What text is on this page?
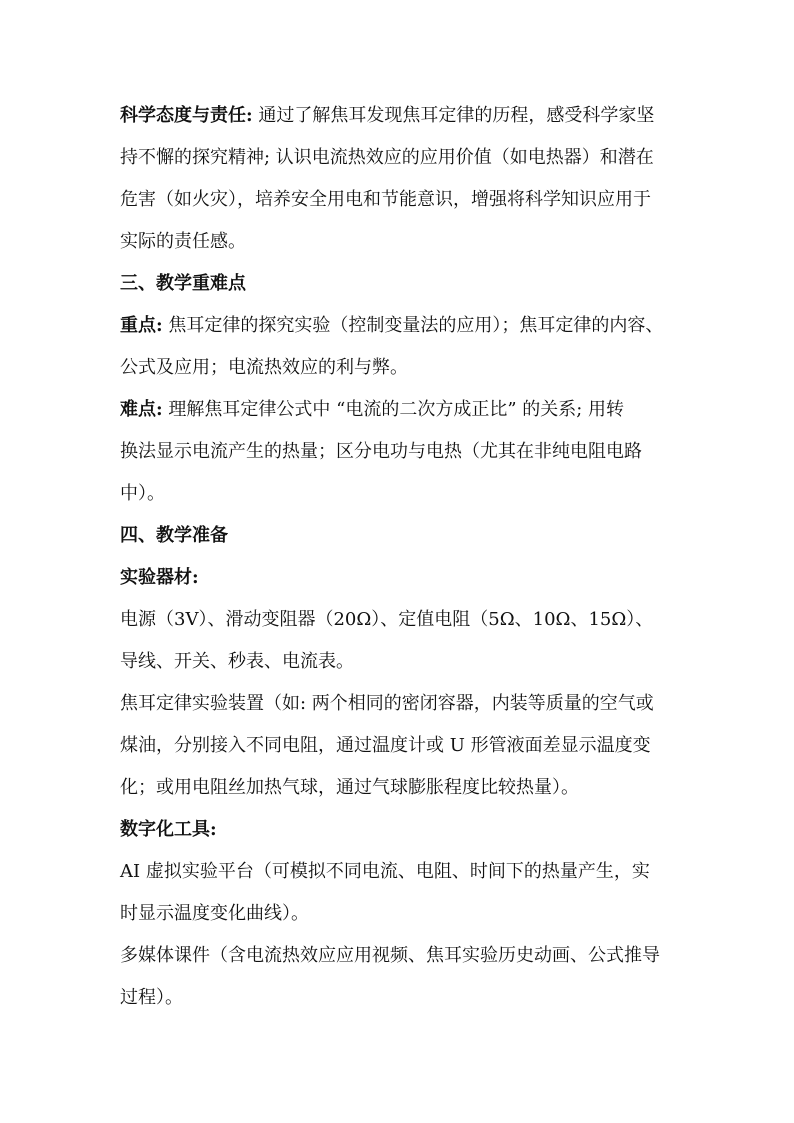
科学态度与责任: 通过了解焦耳发现焦耳定律的历程，感受科学家坚
持不懈的探究精神; 认识电流热效应的应用价值（如电热器）和潜在
危害（如火灾），培养安全用电和节能意识，增强将科学知识应用于
实际的责任感。
三、教学重难点
重点: 焦耳定律的探究实验（控制变量法的应用）；焦耳定律的内容、
公式及应用；电流热效应的利与弊。
难点: 理解焦耳定律公式中 “电流的二次方成正比” 的关系; 用转
换法显示电流产生的热量；区分电功与电热（尤其在非纯电阻电路
中）。
四、教学准备
实验器材:
电源（3V）、滑动变阻器（20Ω）、定值电阻（5Ω、10Ω、15Ω）、
导线、开关、秒表、电流表。
焦耳定律实验装置（如: 两个相同的密闭容器，内装等质量的空气或
煤油，分别接入不同电阻，通过温度计或 U 形管液面差显示温度变
化；或用电阻丝加热气球，通过气球膨胀程度比较热量）。
数字化工具:
AI 虚拟实验平台（可模拟不同电流、电阻、时间下的热量产生，实
时显示温度变化曲线）。
多媒体课件（含电流热效应应用视频、焦耳实验历史动画、公式推导
过程）。
